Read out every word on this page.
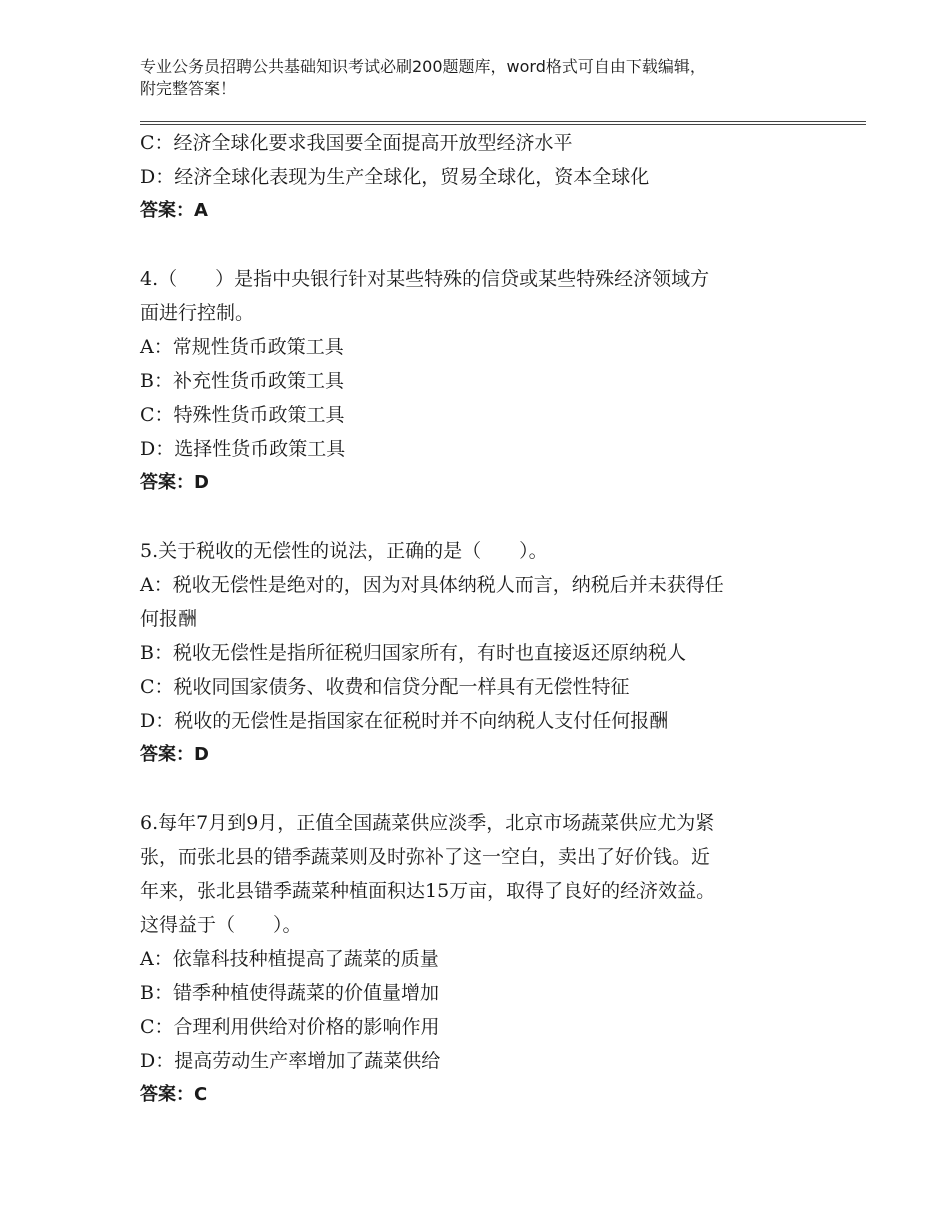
专业公务员招聘公共基础知识考试必刷200题题库，word格式可自由下载编辑，
附完整答案！
C：经济全球化要求我国要全面提高开放型经济水平
D：经济全球化表现为生产全球化，贸易全球化，资本全球化
答案：A
4.（　　）是指中央银行针对某些特殊的信贷或某些特殊经济领域方
面进行控制。
A：常规性货币政策工具
B：补充性货币政策工具
C：特殊性货币政策工具
D：选择性货币政策工具
答案：D
5.关于税收的无偿性的说法，正确的是（　　）。
A：税收无偿性是绝对的，因为对具体纳税人而言，纳税后并未获得任
何报酬
B：税收无偿性是指所征税归国家所有，有时也直接返还原纳税人
C：税收同国家债务、收费和信贷分配一样具有无偿性特征
D：税收的无偿性是指国家在征税时并不向纳税人支付任何报酬
答案：D
6.每年7月到9月，正值全国蔬菜供应淡季，北京市场蔬菜供应尤为紧
张，而张北县的错季蔬菜则及时弥补了这一空白，卖出了好价钱。近
年来，张北县错季蔬菜种植面积达15万亩，取得了良好的经济效益。
这得益于（　　）。
A：依靠科技种植提高了蔬菜的质量
B：错季种植使得蔬菜的价值量增加
C：合理利用供给对价格的影响作用
D：提高劳动生产率增加了蔬菜供给
答案：C
